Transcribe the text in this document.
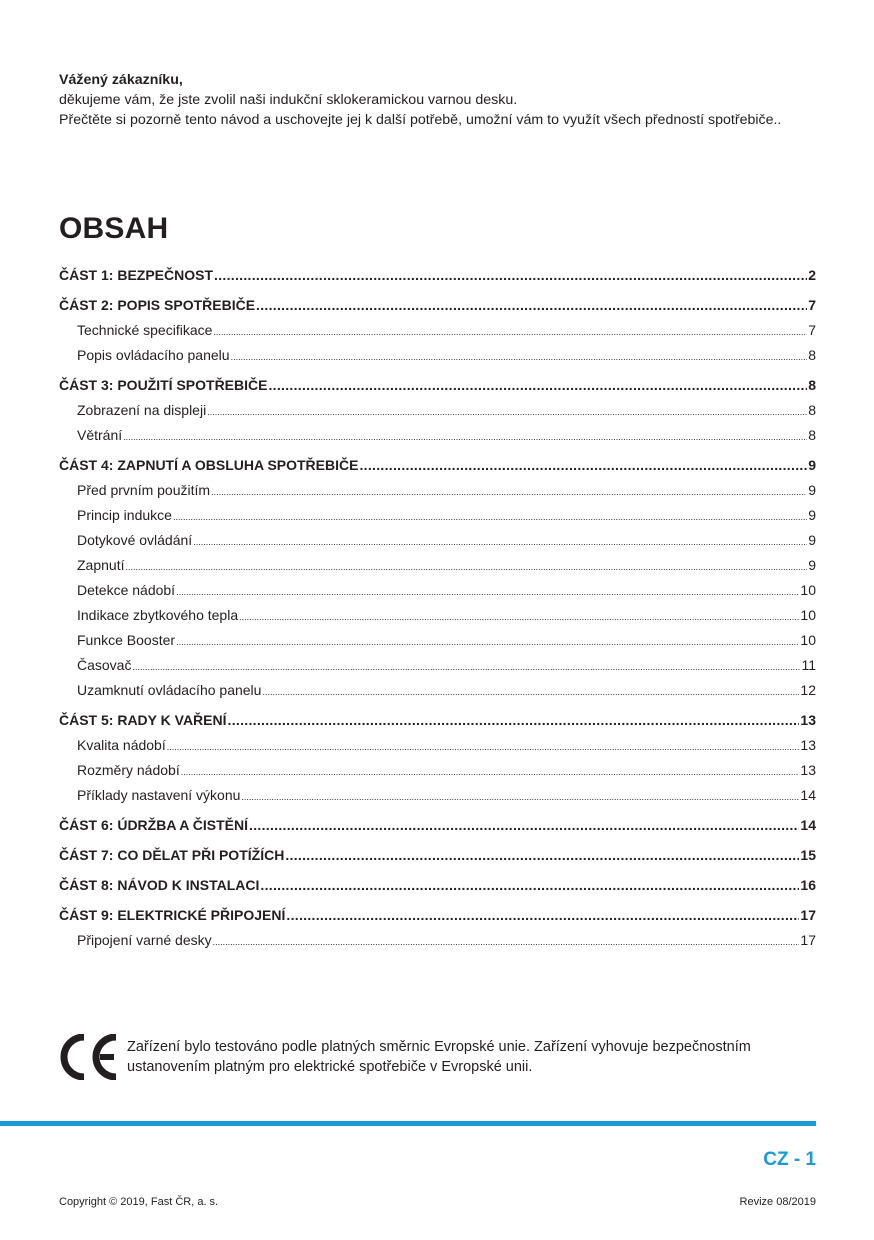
Vážený zákazníku,

děkujeme vám, že jste zvolil naši indukční sklokeramickou varnou desku.

Přečtěte si pozorně tento návod a uschovejte jej k další potřebě, umožní vám to využít všech předností spotřebiče..

OBSAH
ČÁST 1: BEZPEČNOST .....	2
ČÁST 2: POPIS SPOTŘEBIČE .....	7
Technické specifikace .....	7
Popis ovládacího panelu .....	8
ČÁST 3: POUŽITÍ SPOTŘEBIČE .....	8
Zobrazení na displeji .....	8
Větrání .....	8
ČÁST 4: ZAPNUTÍ A OBSLUHA SPOTŘEBIČE .....	9
Před prvním použitím .....	9
Princip indukce .....	9
Dotykové ovládání .....	9
Zapnutí .....	9
Detekce nádobí .....	10
Indikace zbytkového tepla .....	10
Funkce Booster .....	10
Časovač .....	11
Uzamknutí ovládacího panelu .....	12
ČÁST 5: RADY K VAŘENÍ .....	13
Kvalita nádobí .....	13
Rozměry nádobí .....	13
Příklady nastavení výkonu .....	14
ČÁST 6: ÚDRŽBA A ČISTĚNÍ .....	14
ČÁST 7: CO DĚLAT PŘI POTÍŽÍCH .....	15
ČÁST 8: NÁVOD K INSTALACI .....	16
ČÁST 9: ELEKTRICKÉ PŘIPOJENÍ .....	17
Připojení varné desky .....	17

Zařízení bylo testováno podle platných směrnic Evropské unie. Zařízení vyhovuje bezpečnostním ustanovením platným pro elektrické spotřebiče v Evropské unii.

CZ - 1
Copyright © 2019, Fast ČR, a. s.	Revize 08/2019
